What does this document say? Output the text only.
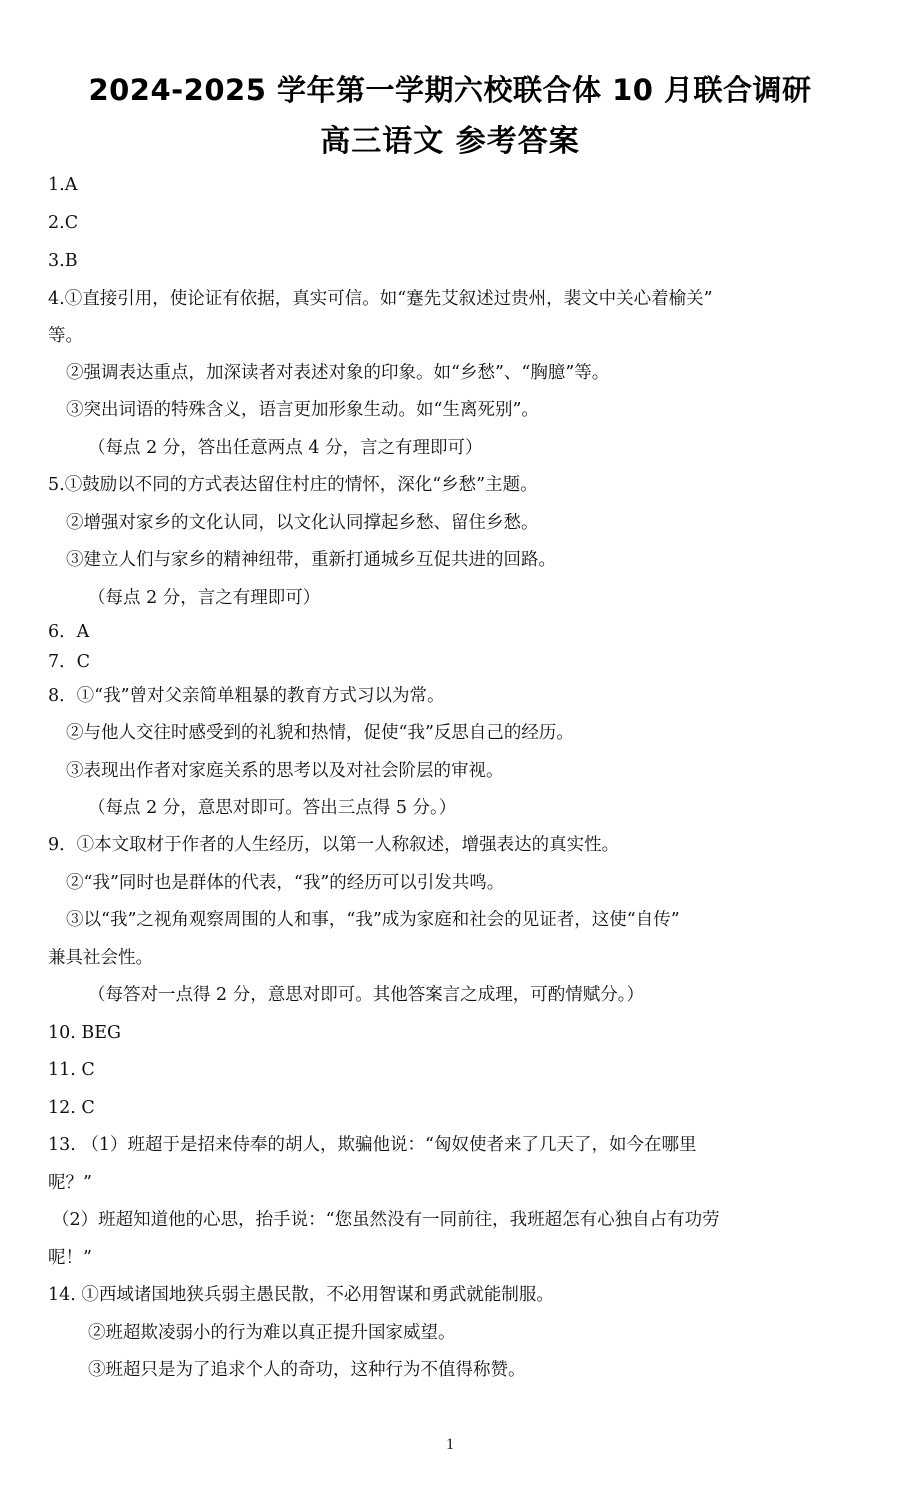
2024-2025 学年第一学期六校联合体 10 月联合调研
高三语文 参考答案
1.A
2.C
3.B
4.①直接引用，使论证有依据，真实可信。如“蹇先艾叙述过贵州，裴文中关心着榆关”
等。
②强调表达重点，加深读者对表述对象的印象。如“乡愁”、“胸臆”等。
③突出词语的特殊含义，语言更加形象生动。如“生离死别”。
（每点 2 分，答出任意两点 4 分，言之有理即可）
5.①鼓励以不同的方式表达留住村庄的情怀，深化“乡愁”主题。
②增强对家乡的文化认同，以文化认同撑起乡愁、留住乡愁。
③建立人们与家乡的精神纽带，重新打通城乡互促共进的回路。
（每点 2 分，言之有理即可）
6．A
7．C
8．①“我”曾对父亲简单粗暴的教育方式习以为常。
②与他人交往时感受到的礼貌和热情，促使“我”反思自己的经历。
③表现出作者对家庭关系的思考以及对社会阶层的审视。
（每点 2 分，意思对即可。答出三点得 5 分。）
9．①本文取材于作者的人生经历，以第一人称叙述，增强表达的真实性。
②“我”同时也是群体的代表，“我”的经历可以引发共鸣。
③以“我”之视角观察周围的人和事，“我”成为家庭和社会的见证者，这使“自传”
兼具社会性。
（每答对一点得 2 分，意思对即可。其他答案言之成理，可酌情赋分。）
10. BEG
11. C
12. C
13. （1）班超于是招来侍奉的胡人，欺骗他说：“匈奴使者来了几天了，如今在哪里
呢？”
（2）班超知道他的心思，抬手说：“您虽然没有一同前往，我班超怎有心独自占有功劳
呢！”
14. ①西域诸国地狭兵弱主愚民散，不必用智谋和勇武就能制服。
②班超欺凌弱小的行为难以真正提升国家威望。
③班超只是为了追求个人的奇功，这种行为不值得称赞。
1
